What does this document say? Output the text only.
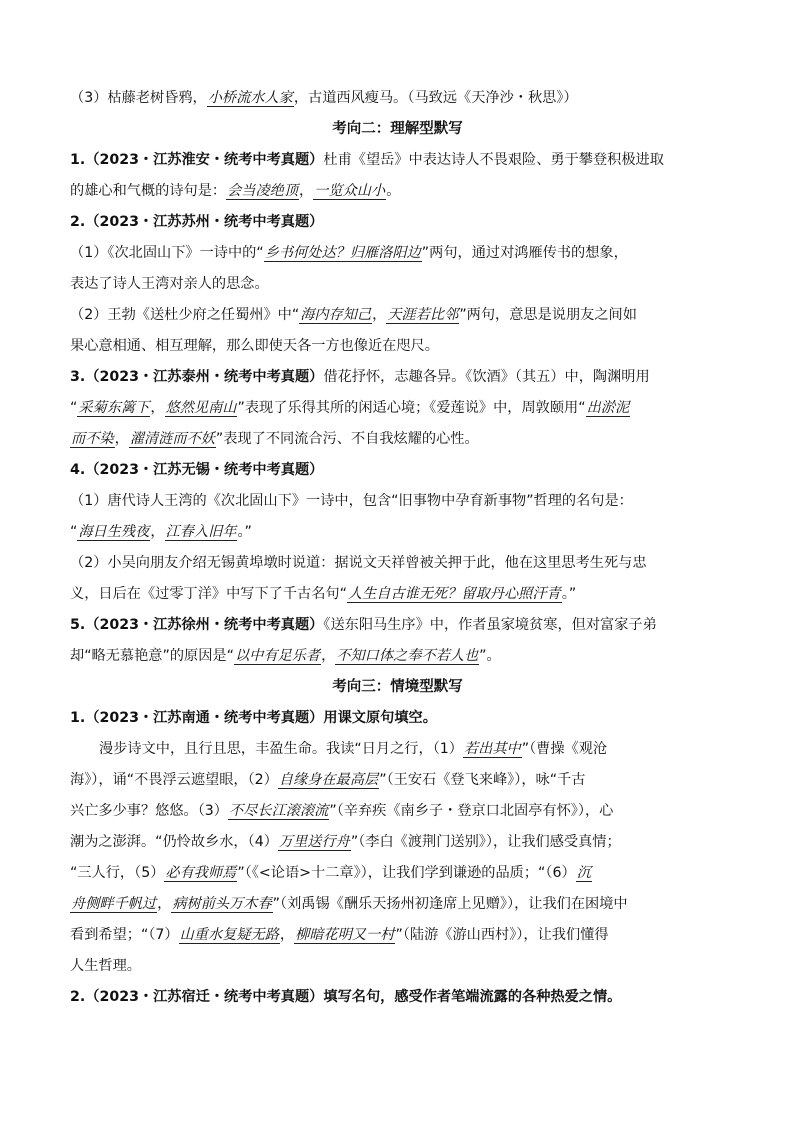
（3）枯藤老树昏鸦，小桥流水人家，古道西风瘦马。（马致远《天净沙・秋思》）
考向二：理解型默写
1.（2023・江苏淮安・统考中考真题）杜甫《望岳》中表达诗人不畏艰险、勇于攀登积极进取
的雄心和气概的诗句是：会当凌绝顶，一览众山小。
2.（2023・江苏苏州・统考中考真题）
（1）《次北固山下》一诗中的“乡书何处达？归雁洛阳边”两句，通过对鸿雁传书的想象，
表达了诗人王湾对亲人的思念。
（2）王勃《送杜少府之任蜀州》中“海内存知己，天涯若比邻”两句，意思是说朋友之间如
果心意相通、相互理解，那么即使天各一方也像近在咫尺。
3.（2023・江苏泰州・统考中考真题）借花抒怀，志趣各异。《饮酒》（其五）中，陶渊明用
“采菊东篱下，悠然见南山”表现了乐得其所的闲适心境；《爱莲说》中，周敦颐用“出淤泥
而不染，濯清涟而不妖”表现了不同流合污、不自我炫耀的心性。
4.（2023・江苏无锡・统考中考真题）
（1）唐代诗人王湾的《次北固山下》一诗中，包含“旧事物中孕育新事物”哲理的名句是：
“海日生残夜，江春入旧年。”
（2）小吴向朋友介绍无锡黄埠墩时说道：据说文天祥曾被关押于此，他在这里思考生死与忠
义，日后在《过零丁洋》中写下了千古名句“人生自古谁无死？留取丹心照汗青。”
5.（2023・江苏徐州・统考中考真题）《送东阳马生序》中，作者虽家境贫寒，但对富家子弟
却“略无慕艳意”的原因是“以中有足乐者，不知口体之奉不若人也”。
考向三：情境型默写
1.（2023・江苏南通・统考中考真题）用课文原句填空。
漫步诗文中，且行且思，丰盈生命。我读“日月之行，（1）若出其中”（曹操《观沧
海》），诵“不畏浮云遮望眼，（2）自缘身在最高层”（王安石《登飞来峰》），咏“千古
兴亡多少事？悠悠。（3）不尽长江滚滚流”（辛弃疾《南乡子・登京口北固亭有怀》），心
潮为之澎湃。“仍怜故乡水，（4）万里送行舟”（李白《渡荆门送别》），让我们感受真情；
“三人行，（5）必有我师焉”（《<论语>十二章》），让我们学到谦逊的品质；“（6）沉
舟侧畔千帆过，病树前头万木春”（刘禹锡《酬乐天扬州初逢席上见赠》），让我们在困境中
看到希望；“（7）山重水复疑无路，柳暗花明又一村”（陆游《游山西村》），让我们懂得
人生哲理。
2.（2023・江苏宿迁・统考中考真题）填写名句，感受作者笔端流露的各种热爱之情。
